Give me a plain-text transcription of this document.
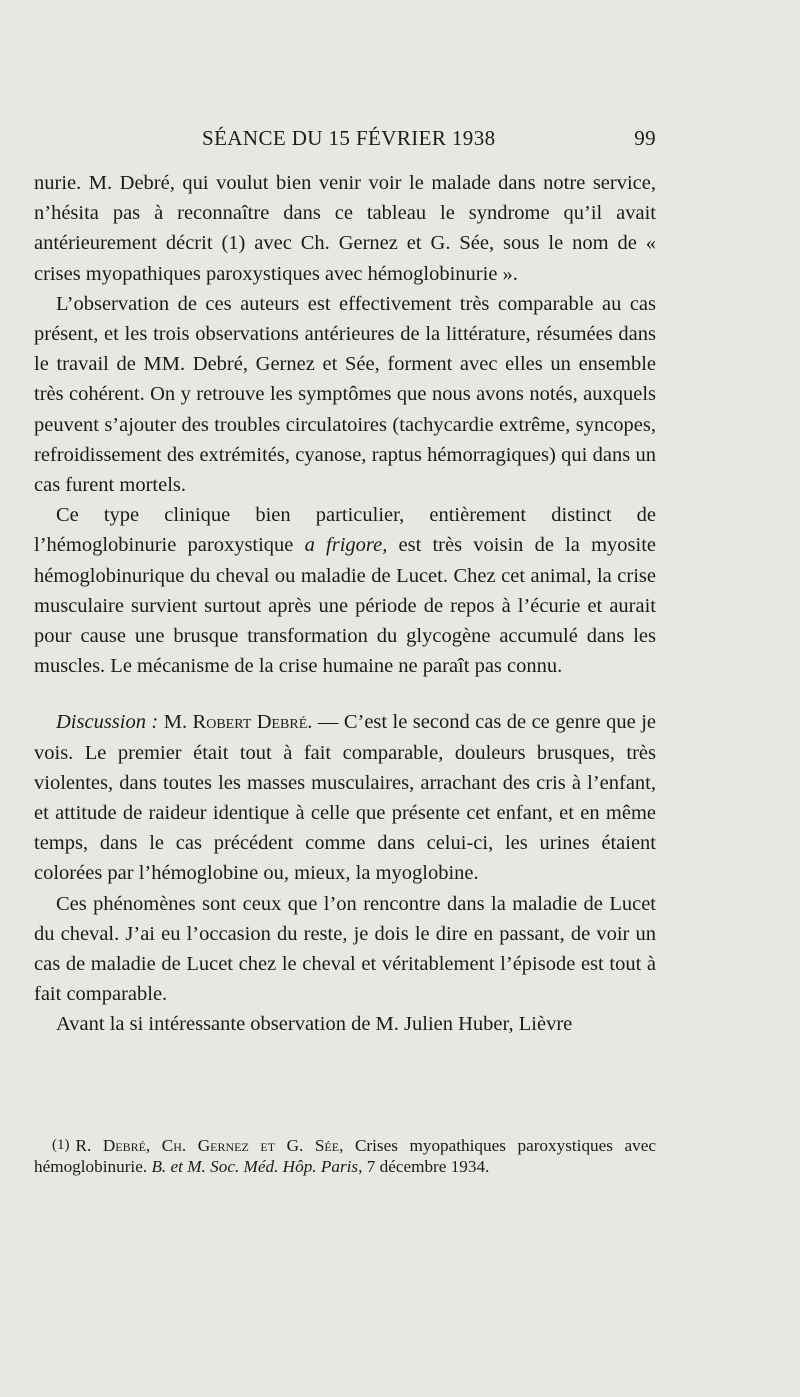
SÉANCE DU 15 FÉVRIER 1938	99

nurie. M. Debré, qui voulut bien venir voir le malade dans notre service, n’hésita pas à reconnaître dans ce tableau le syndrome qu’il avait antérieurement décrit (1) avec Ch. Gernez et G. Sée, sous le nom de « crises myopathiques paroxystiques avec hémoglobinurie ».

L’observation de ces auteurs est effectivement très comparable au cas présent, et les trois observations antérieures de la littérature, résumées dans le travail de MM. Debré, Gernez et Sée, forment avec elles un ensemble très cohérent. On y retrouve les symptômes que nous avons notés, auxquels peuvent s’ajouter des troubles circulatoires (tachycardie extrême, syncopes, refroidissement des extrémités, cyanose, raptus hémorragiques) qui dans un cas furent mortels.

Ce type clinique bien particulier, entièrement distinct de l’hémoglobinurie paroxystique a frigore, est très voisin de la myosite hémoglobinurique du cheval ou maladie de Lucet. Chez cet animal, la crise musculaire survient surtout après une période de repos à l’écurie et aurait pour cause une brusque transformation du glycogène accumulé dans les muscles. Le mécanisme de la crise humaine ne paraît pas connu.

Discussion : M. Robert Debré. — C’est le second cas de ce genre que je vois. Le premier était tout à fait comparable, douleurs brusques, très violentes, dans toutes les masses musculaires, arrachant des cris à l’enfant, et attitude de raideur identique à celle que présente cet enfant, et en même temps, dans le cas précédent comme dans celui-ci, les urines étaient colorées par l’hémoglobine ou, mieux, la myoglobine.

Ces phénomènes sont ceux que l’on rencontre dans la maladie de Lucet du cheval. J’ai eu l’occasion du reste, je dois le dire en passant, de voir un cas de maladie de Lucet chez le cheval et véritablement l’épisode est tout à fait comparable.

Avant la si intéressante observation de M. Julien Huber, Lièvre

(1) R. Debré, Ch. Gernez et G. Sée, Crises myopathiques paroxystiques avec hémoglobinurie. B. et M. Soc. Méd. Hôp. Paris, 7 décembre 1934.
